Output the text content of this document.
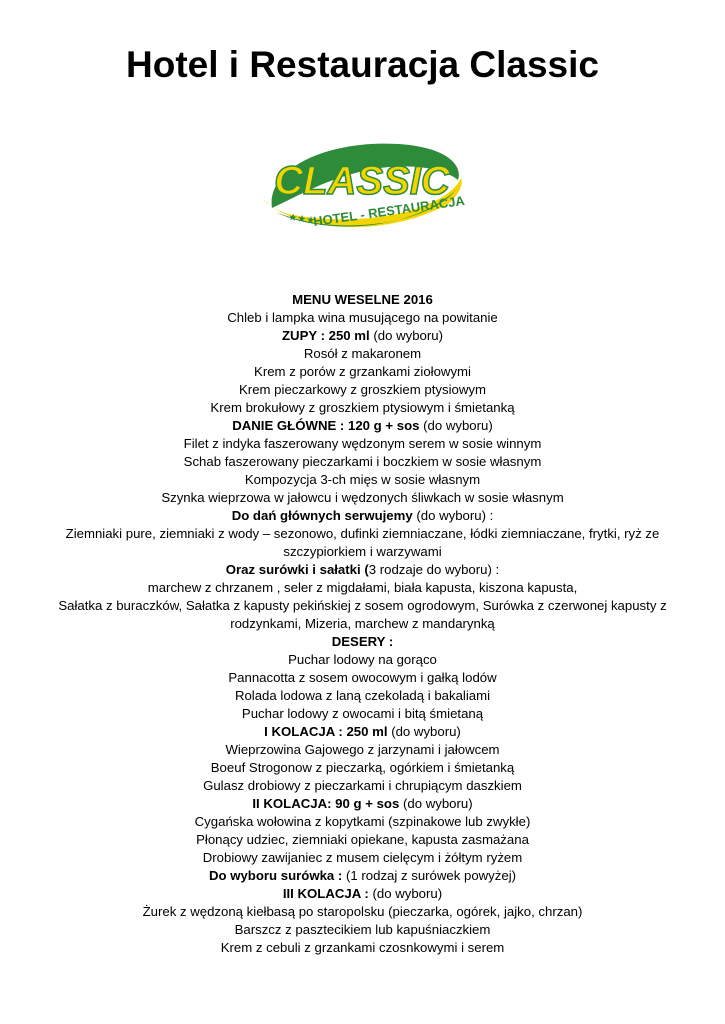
Hotel i Restauracja Classic
CLASSIC
★★★
HOTEL - RESTAURACJA
MENU WESELNE 2016
Chleb i lampka wina musującego na powitanie
ZUPY : 250 ml (do wyboru)
Rosół z makaronem
Krem z porów z grzankami ziołowymi
Krem pieczarkowy z groszkiem ptysiowym
Krem brokułowy z groszkiem ptysiowym i śmietanką
DANIE GŁÓWNE : 120 g + sos (do wyboru)
Filet z indyka faszerowany wędzonym serem w sosie winnym
Schab faszerowany pieczarkami i boczkiem w sosie własnym
Kompozycja 3-ch mięs w sosie własnym
Szynka wieprzowa w jałowcu i wędzonych śliwkach w sosie własnym
Do dań głównych serwujemy (do wyboru) :
Ziemniaki pure, ziemniaki z wody – sezonowo, dufinki ziemniaczane, łódki ziemniaczane, frytki, ryż ze szczypiorkiem i warzywami
Oraz surówki i sałatki (3 rodzaje do wyboru) :
marchew z chrzanem , seler z migdałami, biała kapusta, kiszona kapusta,
Sałatka z buraczków, Sałatka z kapusty pekińskiej z sosem ogrodowym, Surówka z czerwonej kapusty z rodzynkami, Mizeria, marchew z mandarynką
DESERY :
Puchar lodowy na gorąco
Pannacotta z sosem owocowym i gałką lodów
Rolada lodowa z laną czekoladą i bakaliami
Puchar lodowy z owocami i bitą śmietaną
I KOLACJA : 250 ml (do wyboru)
Wieprzowina Gajowego z jarzynami i jałowcem
Boeuf Strogonow z pieczarką, ogórkiem i śmietanką
Gulasz drobiowy z pieczarkami i chrupiącym daszkiem
II KOLACJA: 90 g + sos (do wyboru)
Cygańska wołowina z kopytkami (szpinakowe lub zwykłe)
Płonący udziec, ziemniaki opiekane, kapusta zasmażana
Drobiowy zawijaniec z musem cielęcym i żółtym ryżem
Do wyboru surówka : (1 rodzaj z surówek powyżej)
III KOLACJA : (do wyboru)
Żurek z wędzoną kiełbasą po staropolsku (pieczarka, ogórek, jajko, chrzan)
Barszcz z pasztecikiem lub kapuśniaczkiem
Krem z cebuli z grzankami czosnkowymi i serem
